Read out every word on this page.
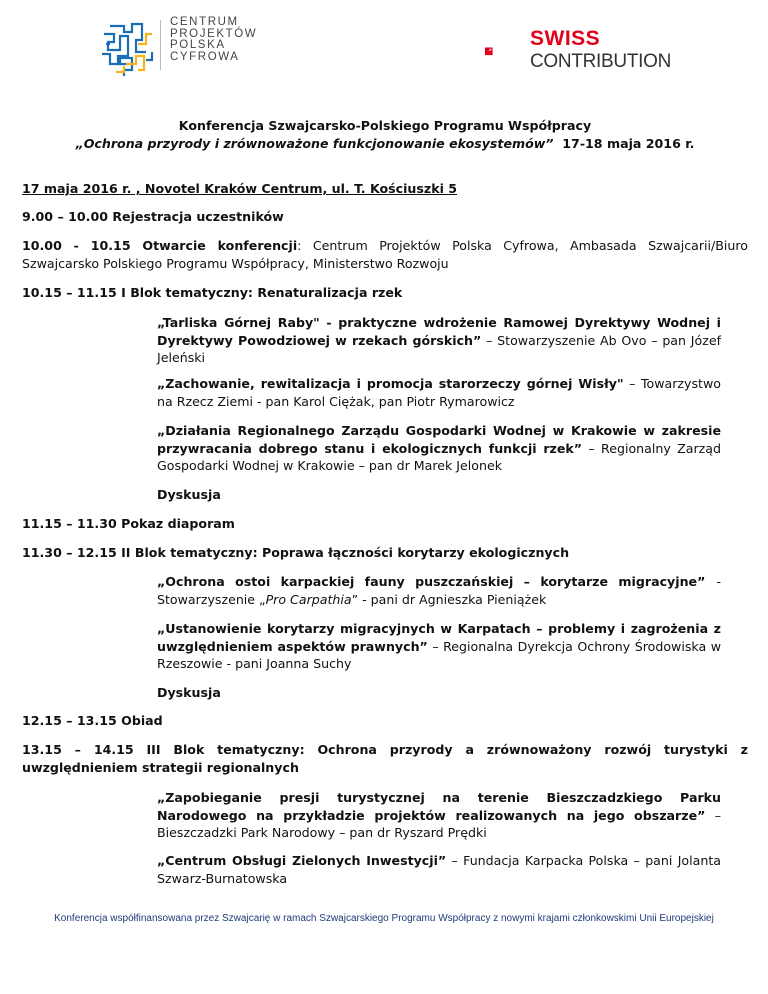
CENTRUM
PROJEKTÓW
POLSKA
CYFROWA
SWISS
CONTRIBUTION
Konferencja Szwajcarsko-Polskiego Programu Współpracy
„Ochrona przyrody i zrównoważone funkcjonowanie ekosystemów” 17-18 maja 2016 r.
17 maja 2016 r. , Novotel Kraków Centrum, ul. T. Kościuszki 5
9.00 – 10.00 Rejestracja uczestników
10.00 - 10.15 Otwarcie konferencji: Centrum Projektów Polska Cyfrowa, Ambasada Szwajcarii/Biuro Szwajcarsko Polskiego Programu Współpracy, Ministerstwo Rozwoju
10.15 – 11.15 I Blok tematyczny: Renaturalizacja rzek
„Tarliska Górnej Raby" - praktyczne wdrożenie Ramowej Dyrektywy Wodnej i Dyrektywy Powodziowej w rzekach górskich” – Stowarzyszenie Ab Ovo – pan Józef Jeleński
„Zachowanie, rewitalizacja i promocja starorzeczy górnej Wisły" – Towarzystwo na Rzecz Ziemi - pan Karol Ciężak, pan Piotr Rymarowicz
„Działania Regionalnego Zarządu Gospodarki Wodnej w Krakowie w zakresie przywracania dobrego stanu i ekologicznych funkcji rzek” – Regionalny Zarząd Gospodarki Wodnej w Krakowie – pan dr Marek Jelonek
Dyskusja
11.15 – 11.30 Pokaz diaporam
11.30 – 12.15 II Blok tematyczny: Poprawa łączności korytarzy ekologicznych
„Ochrona ostoi karpackiej fauny puszczańskiej – korytarze migracyjne” -
Stowarzyszenie „Pro Carpathia” - pani dr Agnieszka Pieniążek
„Ustanowienie korytarzy migracyjnych w Karpatach – problemy i zagrożenia z uwzględnieniem aspektów prawnych” – Regionalna Dyrekcja Ochrony Środowiska w Rzeszowie - pani Joanna Suchy
Dyskusja
12.15 – 13.15 Obiad
13.15 – 14.15 III Blok tematyczny: Ochrona przyrody a zrównoważony rozwój turystyki z uwzględnieniem strategii regionalnych
„Zapobieganie presji turystycznej na terenie Bieszczadzkiego Parku Narodowego na przykładzie projektów realizowanych na jego obszarze” – Bieszczadzki Park Narodowy – pan dr Ryszard Prędki
„Centrum Obsługi Zielonych Inwestycji” – Fundacja Karpacka Polska – pani Jolanta Szwarz-Burnatowska
Konferencja współfinansowana przez Szwajcarię w ramach Szwajcarskiego Programu Współpracy z nowymi krajami członkowskimi Unii Europejskiej
